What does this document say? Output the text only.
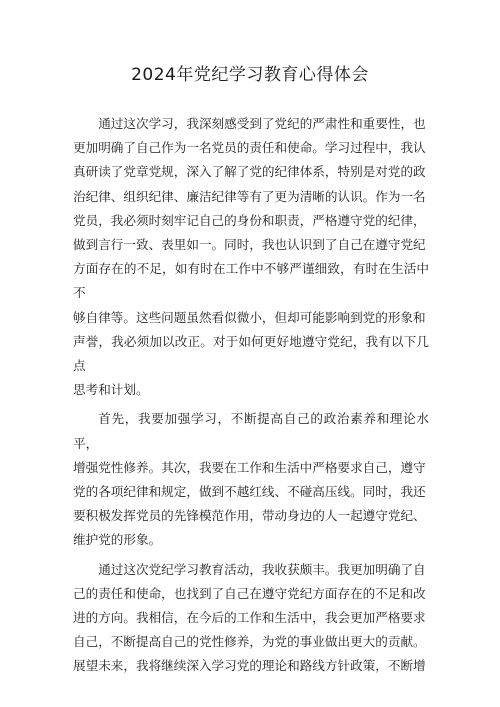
2024年党纪学习教育心得体会

通过这次学习，我深刻感受到了党纪的严肃性和重要性，也
更加明确了自己作为一名党员的责任和使命。学习过程中，我认
真研读了党章党规，深入了解了党的纪律体系，特别是对党的政
治纪律、组织纪律、廉洁纪律等有了更为清晰的认识。作为一名
党员，我必须时刻牢记自己的身份和职责，严格遵守党的纪律，
做到言行一致、表里如一。同时，我也认识到了自己在遵守党纪
方面存在的不足，如有时在工作中不够严谨细致，有时在生活中不
够自律等。这些问题虽然看似微小，但却可能影响到党的形象和
声誉，我必须加以改正。对于如何更好地遵守党纪，我有以下几点
思考和计划。

首先，我要加强学习，不断提高自己的政治素养和理论水平，
增强党性修养。其次，我要在工作和生活中严格要求自己，遵守
党的各项纪律和规定，做到不越红线、不碰高压线。同时，我还
要积极发挥党员的先锋模范作用，带动身边的人一起遵守党纪、
维护党的形象。

通过这次党纪学习教育活动，我收获颇丰。我更加明确了自
己的责任和使命，也找到了自己在遵守党纪方面存在的不足和改
进的方向。我相信，在今后的工作和生活中，我会更加严格要求
自己，不断提高自己的党性修养，为党的事业做出更大的贡献。
展望未来，我将继续深入学习党的理论和路线方针政策，不断增
